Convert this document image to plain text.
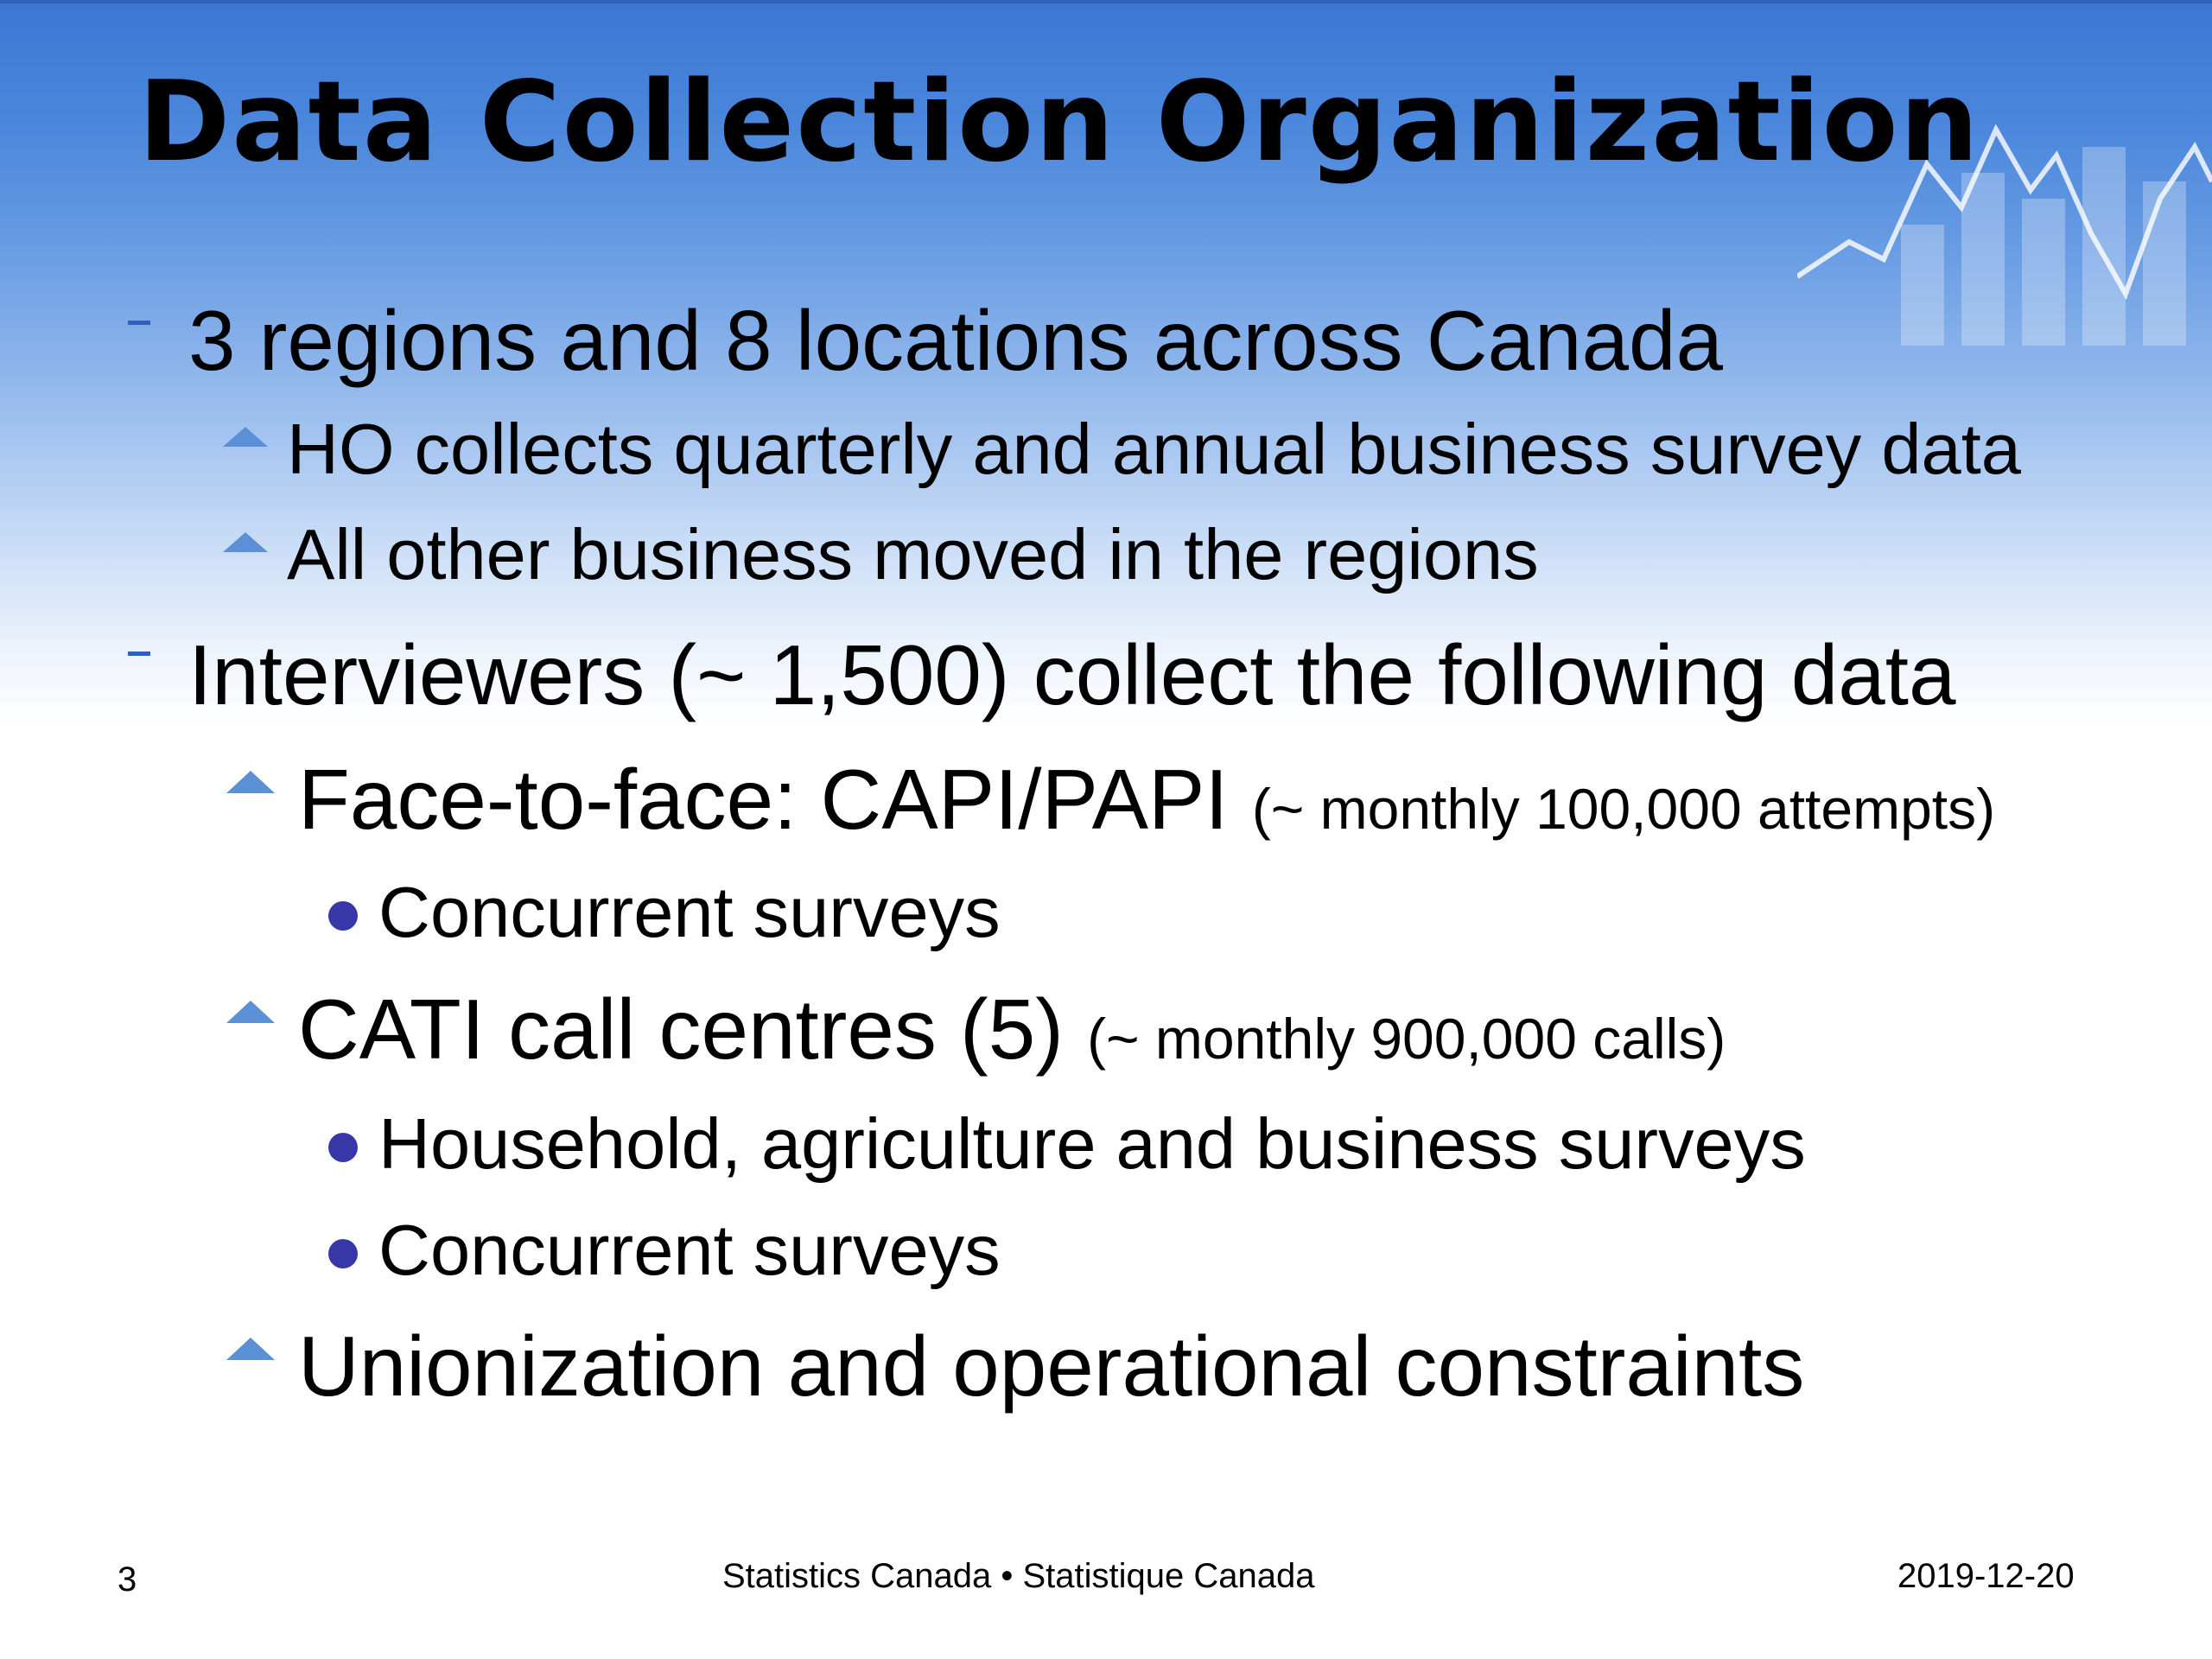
Data Collection Organization
3 regions and 8 locations across Canada
HO collects quarterly and annual business survey data
All other business moved in the regions
Interviewers (~ 1,500) collect the following data
Face-to-face: CAPI/PAPI (~ monthly 100,000 attempts)
Concurrent surveys
CATI call centres (5) (~ monthly 900,000 calls)
Household, agriculture and business surveys
Concurrent surveys
Unionization and operational constraints
3	Statistics Canada • Statistique Canada	2019-12-20
